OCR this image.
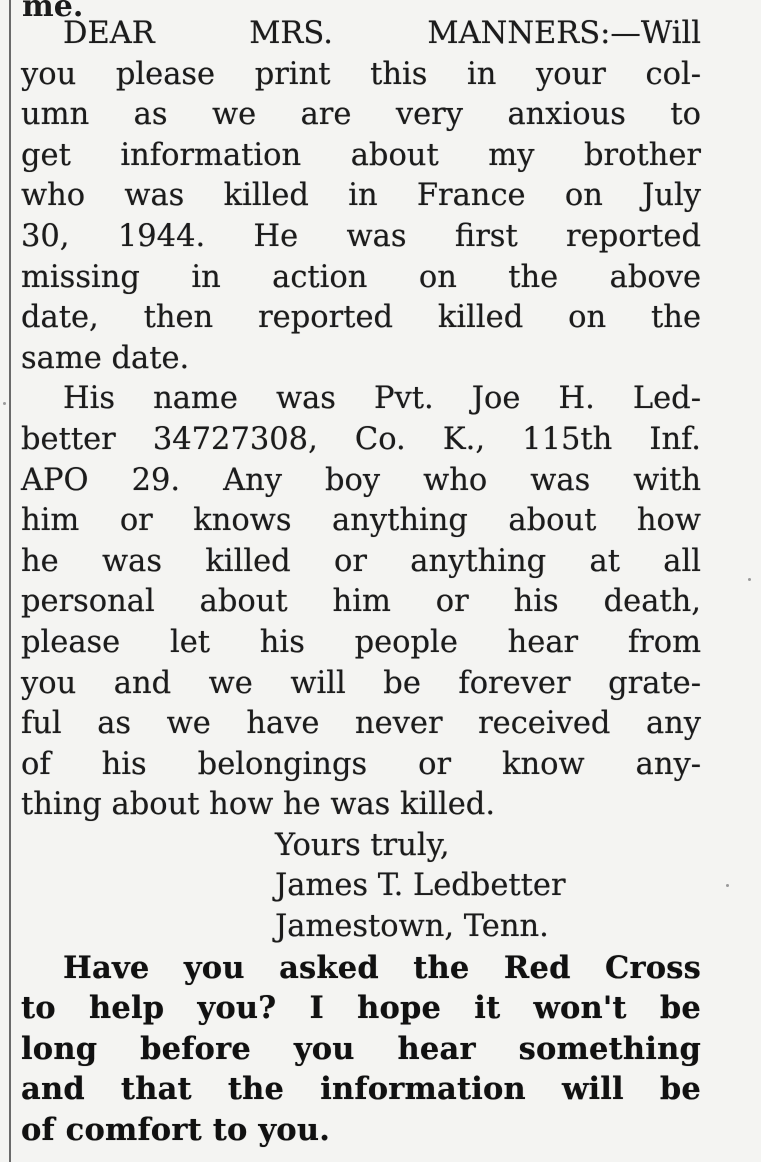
me.
DEAR MRS. MANNERS:—Will
you please print this in your col-
umn as we are very anxious to
get information about my brother
who was killed in France on July
30, 1944. He was first reported
missing in action on the above
date, then reported killed on the
same date.
His name was Pvt. Joe H. Led-
better 34727308, Co. K., 115th Inf.
APO 29. Any boy who was with
him or knows anything about how
he was killed or anything at all
personal about him or his death,
please let his people hear from
you and we will be forever grate-
ful as we have never received any
of his belongings or know any-
thing about how he was killed.
Yours truly,
James T. Ledbetter
Jamestown, Tenn.
Have you asked the Red Cross
to help you? I hope it won't be
long before you hear something
and that the information will be
of comfort to you.
